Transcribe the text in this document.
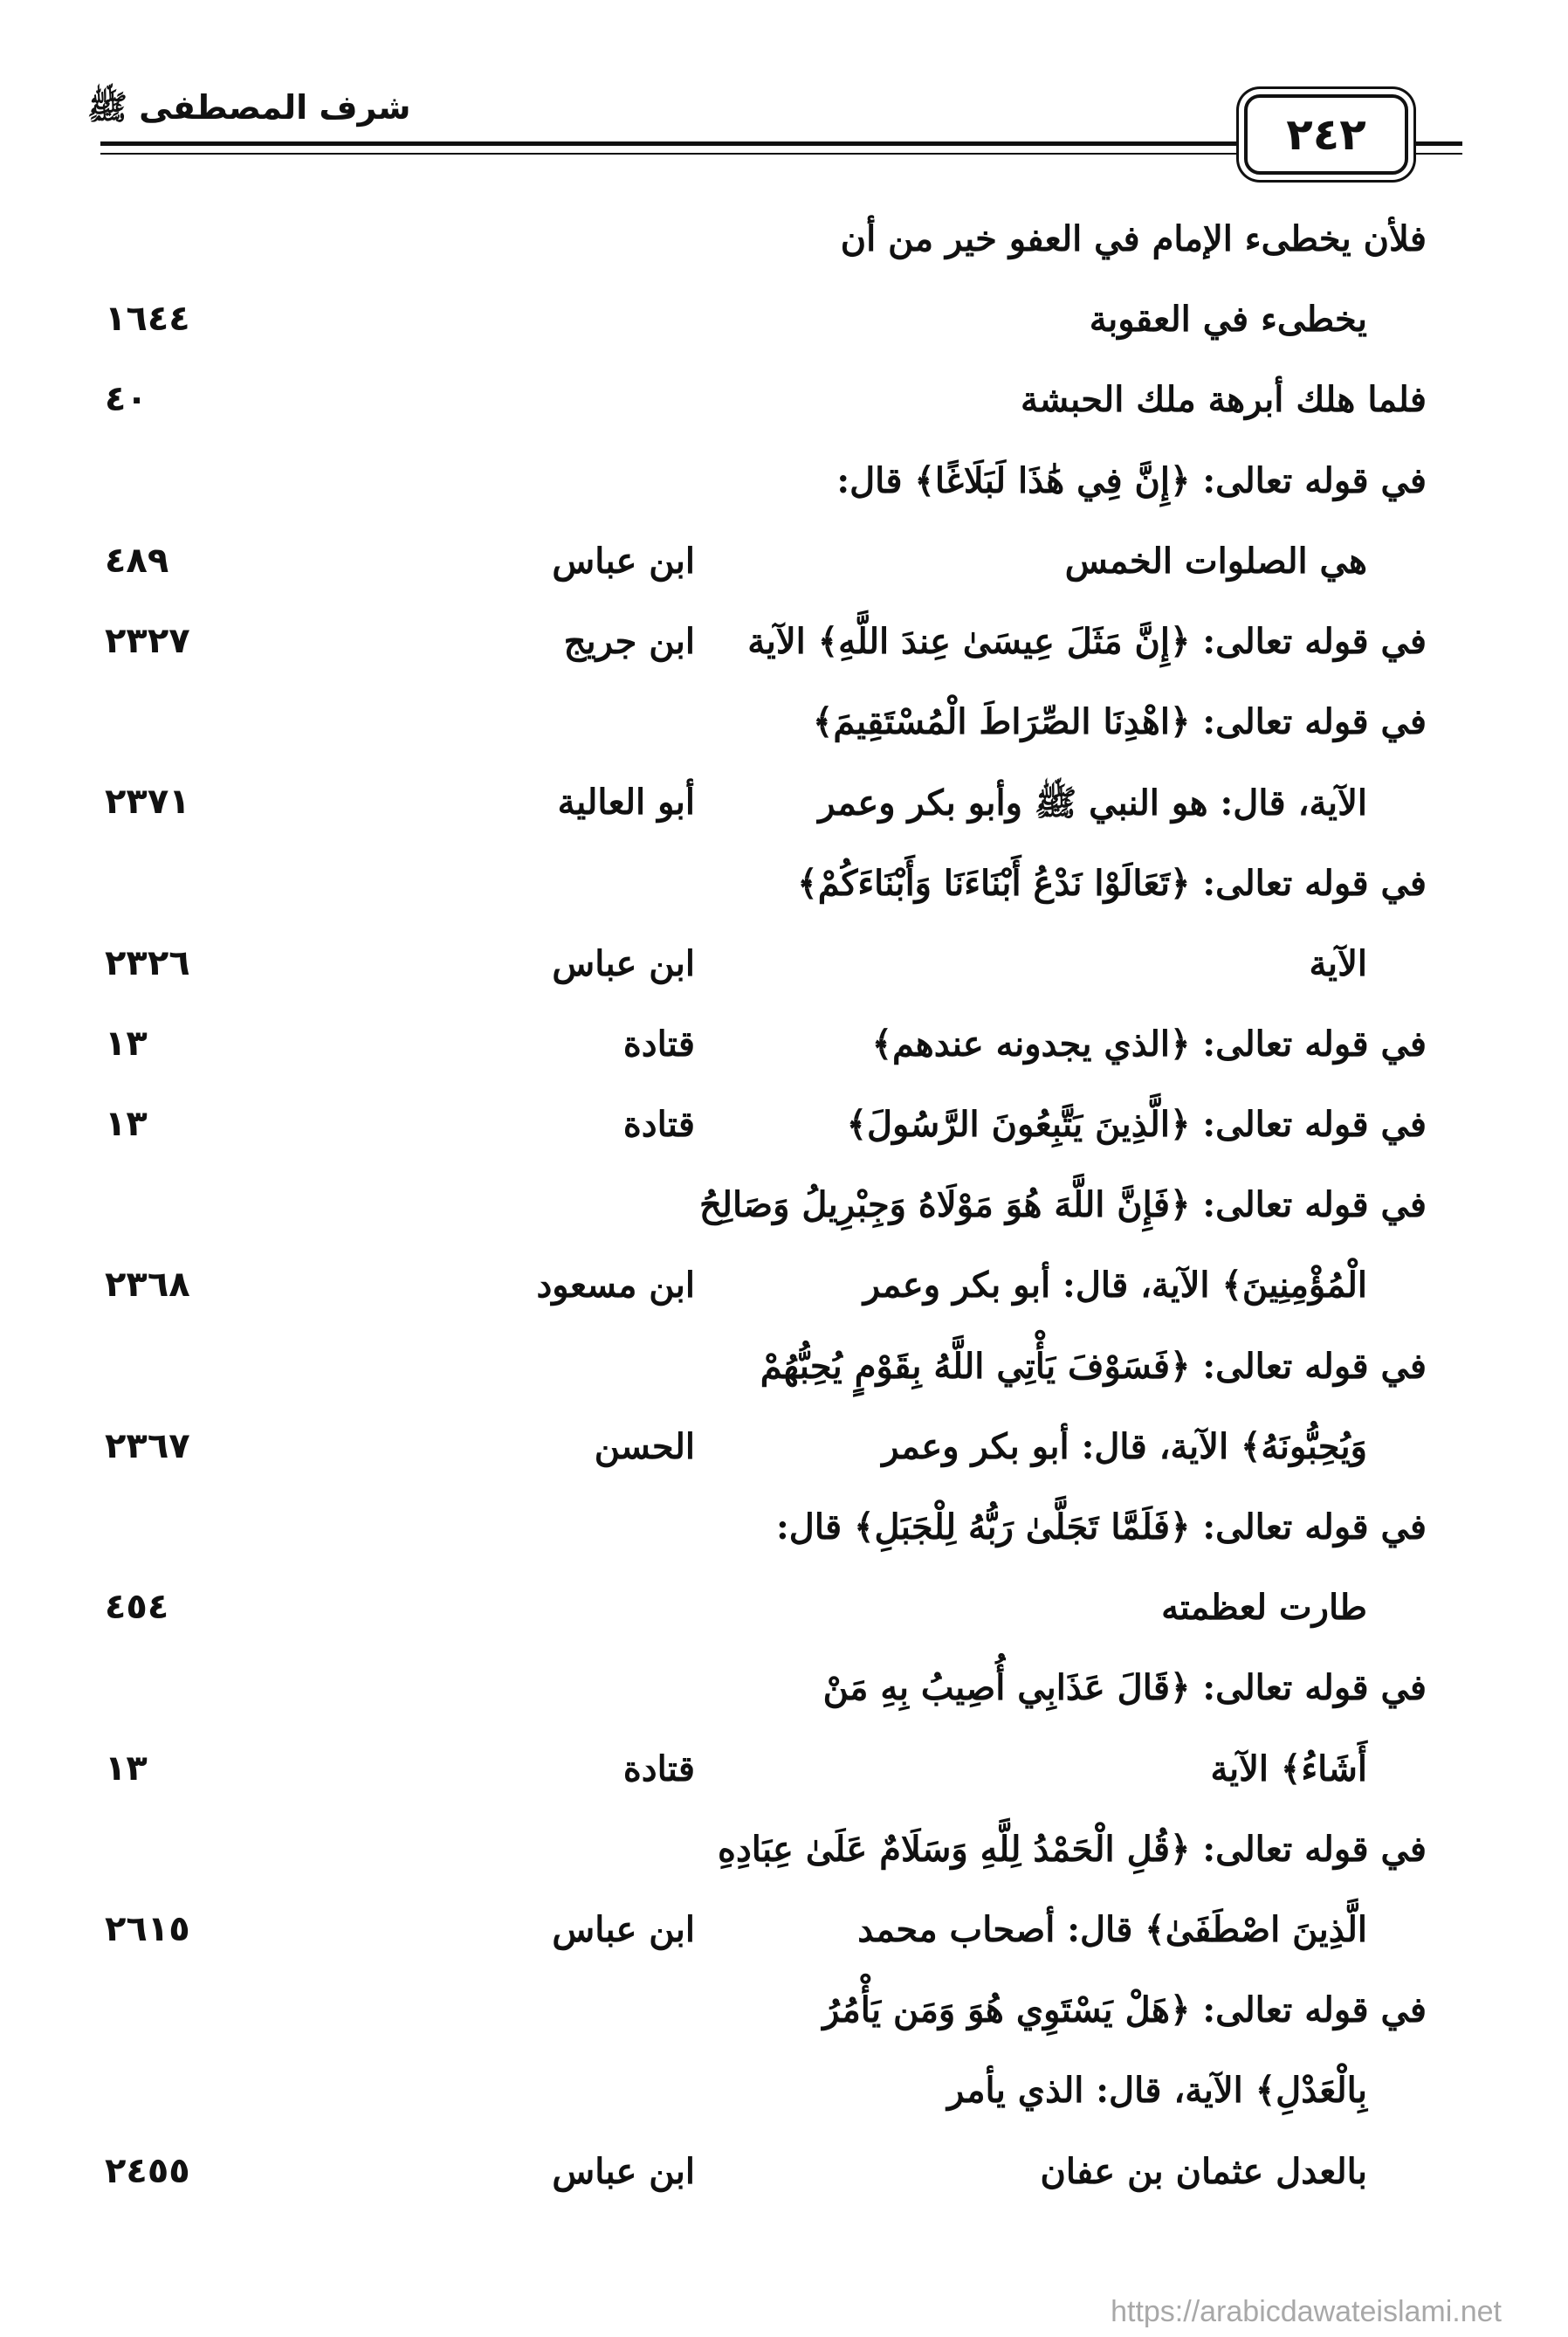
٢٤٢
شرف المصطفى ﷺ
فلأن يخطىء الإمام في العفو خير من أن
يخطىء في العقوبة
١٦٤٤
فلما هلك أبرهة ملك الحبشة
٤٠
في قوله تعالى: ﴿إِنَّ فِي هَٰذَا لَبَلَاغًا﴾ قال:
هي الصلوات الخمس
ابن عباس
٤٨٩
في قوله تعالى: ﴿إِنَّ مَثَلَ عِيسَىٰ عِندَ اللَّهِ﴾ الآية
ابن جريج
٢٣٢٧
في قوله تعالى: ﴿اهْدِنَا الصِّرَاطَ الْمُسْتَقِيمَ﴾
الآية، قال: هو النبي ﷺ وأبو بكر وعمر
أبو العالية
٢٣٧١
في قوله تعالى: ﴿تَعَالَوْا نَدْعُ أَبْنَاءَنَا وَأَبْنَاءَكُمْ﴾
الآية
ابن عباس
٢٣٢٦
في قوله تعالى: ﴿الذي يجدونه عندهم﴾
قتادة
١٣
في قوله تعالى: ﴿الَّذِينَ يَتَّبِعُونَ الرَّسُولَ﴾
قتادة
١٣
في قوله تعالى: ﴿فَإِنَّ اللَّهَ هُوَ مَوْلَاهُ وَجِبْرِيلُ وَصَالِحُ
الْمُؤْمِنِينَ﴾ الآية، قال: أبو بكر وعمر
ابن مسعود
٢٣٦٨
في قوله تعالى: ﴿فَسَوْفَ يَأْتِي اللَّهُ بِقَوْمٍ يُحِبُّهُمْ
وَيُحِبُّونَهُ﴾ الآية، قال: أبو بكر وعمر
الحسن
٢٣٦٧
في قوله تعالى: ﴿فَلَمَّا تَجَلَّىٰ رَبُّهُ لِلْجَبَلِ﴾ قال:
طارت لعظمته
٤٥٤
في قوله تعالى: ﴿قَالَ عَذَابِي أُصِيبُ بِهِ مَنْ
أَشَاءُ﴾ الآية
قتادة
١٣
في قوله تعالى: ﴿قُلِ الْحَمْدُ لِلَّهِ وَسَلَامٌ عَلَىٰ عِبَادِهِ
الَّذِينَ اصْطَفَىٰ﴾ قال: أصحاب محمد
ابن عباس
٢٦١٥
في قوله تعالى: ﴿هَلْ يَسْتَوِي هُوَ وَمَن يَأْمُرُ
بِالْعَدْلِ﴾ الآية، قال: الذي يأمر
بالعدل عثمان بن عفان
ابن عباس
٢٤٥٥
https://arabicdawateislami.net
